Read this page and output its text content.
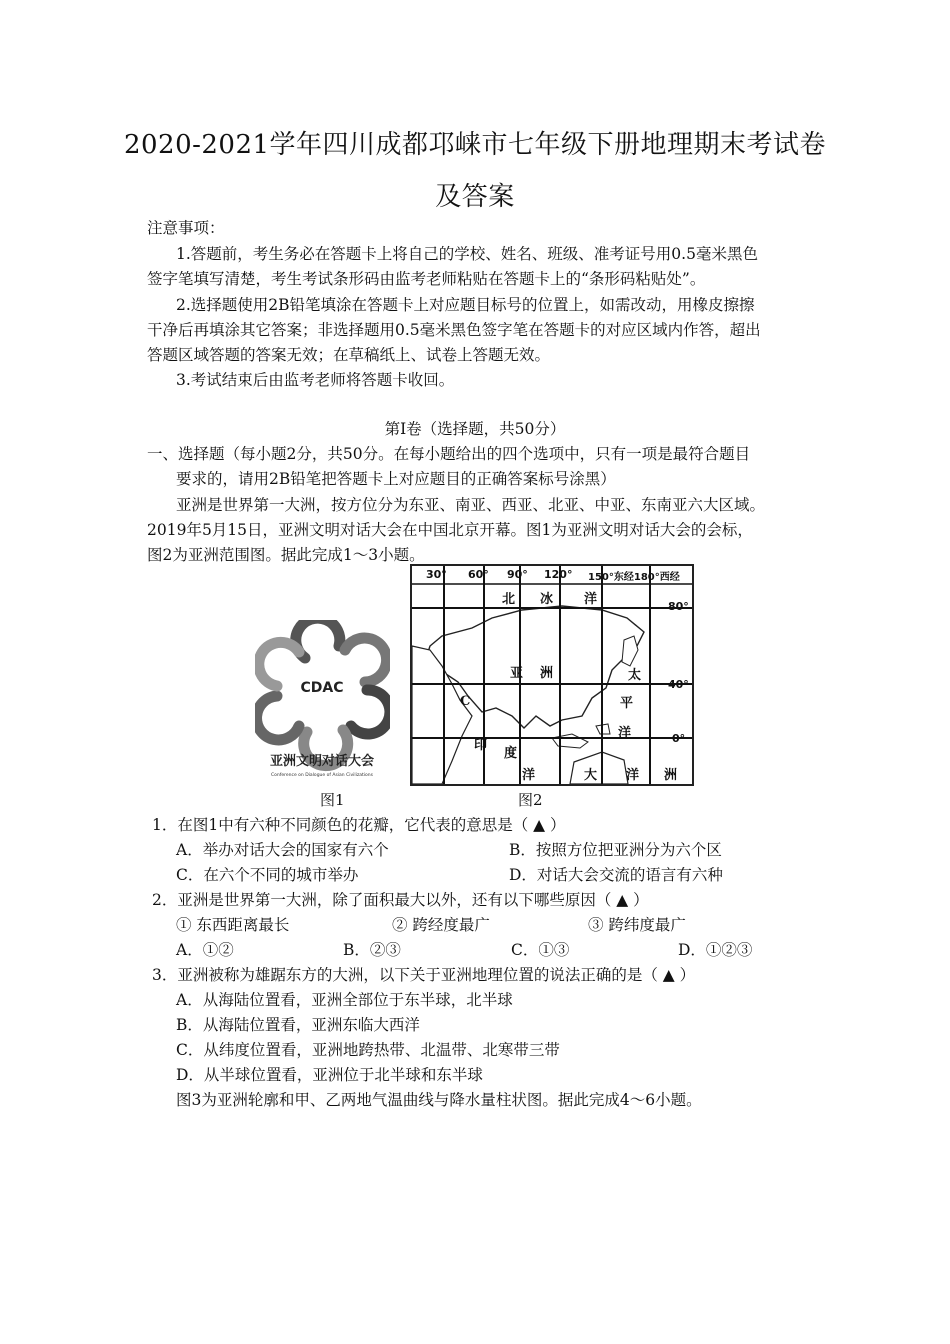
2020-2021学年四川成都邛崃市七年级下册地理期末考试卷
及答案
注意事项：
1.答题前，考生务必在答题卡上将自己的学校、姓名、班级、准考证号用0.5毫米黑色
签字笔填写清楚，考生考试条形码由监考老师粘贴在答题卡上的“条形码粘贴处”。
2.选择题使用2B铅笔填涂在答题卡上对应题目标号的位置上，如需改动，用橡皮擦擦
干净后再填涂其它答案；非选择题用0.5毫米黑色签字笔在答题卡的对应区域内作答，超出
答题区域答题的答案无效；在草稿纸上、试卷上答题无效。
3.考试结束后由监考老师将答题卡收回。
第Ⅰ卷（选择题，共50分）
一、选择题（每小题2分，共50分。在每小题给出的四个选项中，只有一项是最符合题目
要求的，请用2B铅笔把答题卡上对应题目的正确答案标号涂黑）
亚洲是世界第一大洲，按方位分为东亚、南亚、西亚、北亚、中亚、东南亚六大区域。
2019年5月15日，亚洲文明对话大会在中国北京开幕。图1为亚洲文明对话大会的会标，
图2为亚洲范围图。据此完成1～3小题。
CDAC
亚洲文明对话大会
Conference on Dialogue of Asian Civilizations
图1
30° 60° 90° 120° 150°东经180°西经
80°
40°
0°
北 冰 洋
亚 洲	太
平
洋
印
度
洋	大 洋 洲
C
图2
1．在图1中有六种不同颜色的花瓣，它代表的意思是（ ▲ ）
A．举办对话大会的国家有六个	B．按照方位把亚洲分为六个区
C．在六个不同的城市举办	D．对话大会交流的语言有六种
2．亚洲是世界第一大洲，除了面积最大以外，还有以下哪些原因（ ▲ ）
① 东西距离最长	② 跨经度最广	③ 跨纬度最广
A．①②	B．②③	C．①③	D．①②③
3．亚洲被称为雄踞东方的大洲，以下关于亚洲地理位置的说法正确的是（ ▲ ）
A．从海陆位置看，亚洲全部位于东半球，北半球
B．从海陆位置看，亚洲东临大西洋
C．从纬度位置看，亚洲地跨热带、北温带、北寒带三带
D．从半球位置看，亚洲位于北半球和东半球
图3为亚洲轮廓和甲、乙两地气温曲线与降水量柱状图。据此完成4～6小题。
